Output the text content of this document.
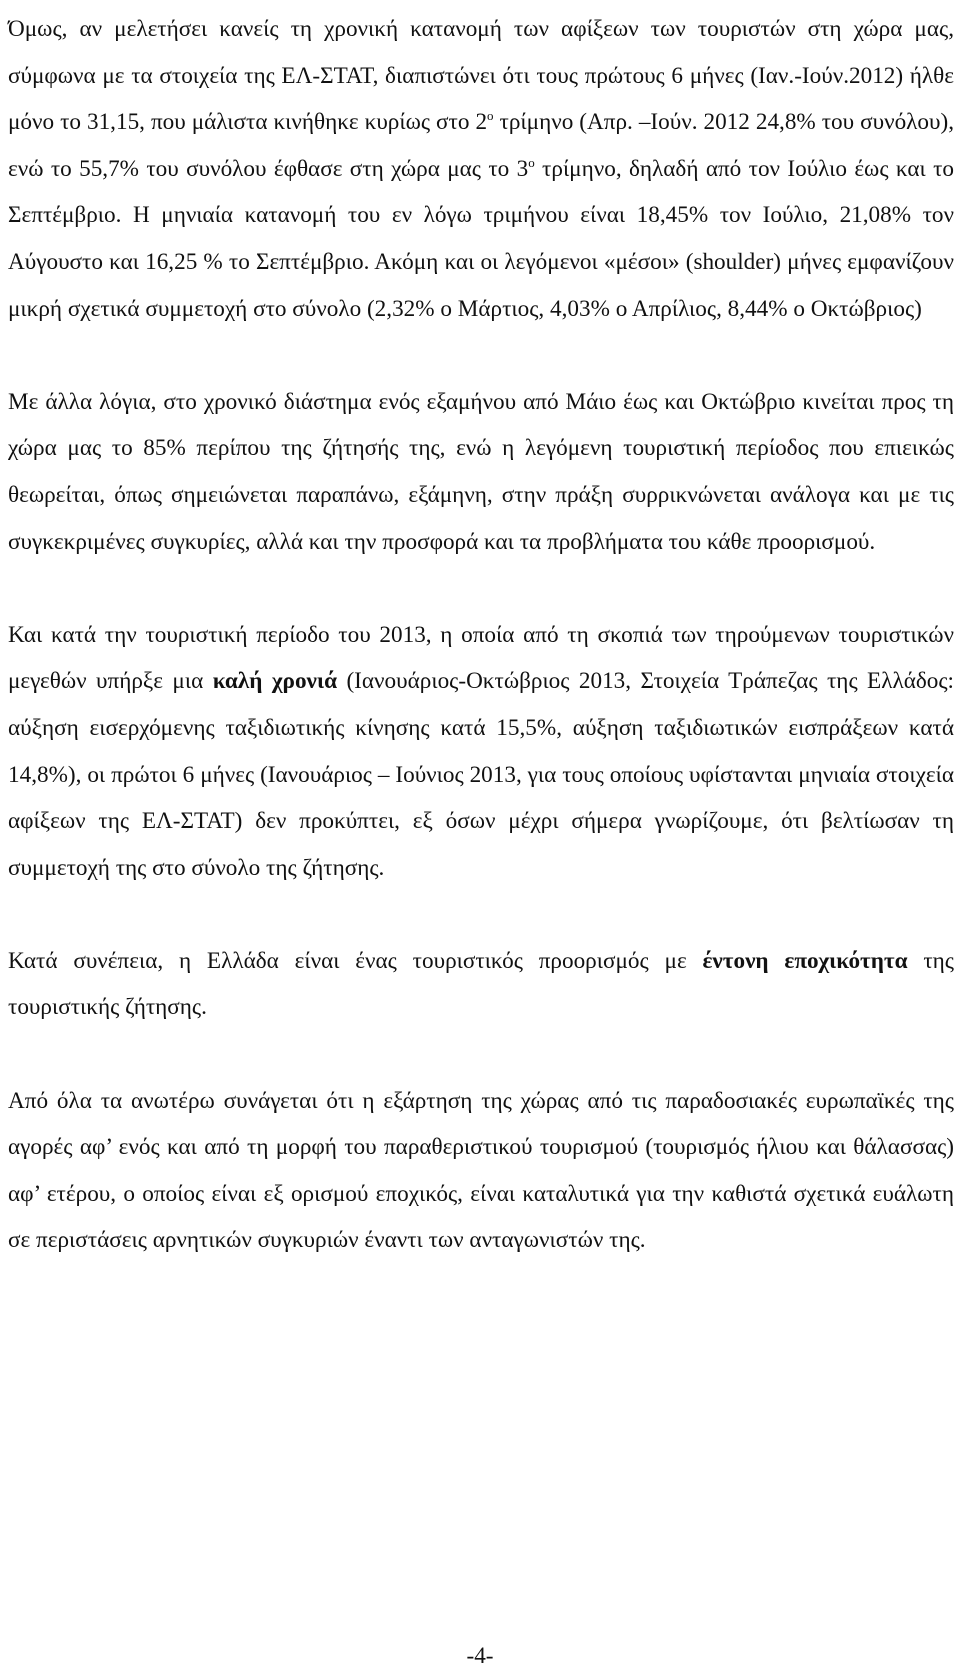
Όμως, αν μελετήσει κανείς τη χρονική κατανομή των αφίξεων των τουριστών στη χώρα μας, σύμφωνα με τα στοιχεία της ΕΛ-ΣΤΑΤ, διαπιστώνει ότι τους πρώτους 6 μήνες (Ιαν.-Ιούν.2012) ήλθε μόνο το 31,15, που μάλιστα κινήθηκε κυρίως στο $2^o$ τρίμηνο (Απρ. –Ιούν. 2012 24,8% του συνόλου), ενώ το 55,7% του συνόλου έφθασε στη χώρα μας το $3^o$ τρίμηνο, δηλαδή από τον Ιούλιο έως και το Σεπτέμβριο. Η μηνιαία κατανομή του εν λόγω τριμήνου είναι 18,45% τον Ιούλιο, 21,08% τον Αύγουστο και 16,25 % το Σεπτέμβριο. Ακόμη και οι λεγόμενοι «μέσοι» (shoulder) μήνες εμφανίζουν μικρή σχετικά συμμετοχή στο σύνολο (2,32% ο Μάρτιος, 4,03% ο Απρίλιος, 8,44% ο Οκτώβριος)

Με άλλα λόγια, στο χρονικό διάστημα ενός εξαμήνου από Μάιο έως και Οκτώβριο κινείται προς τη χώρα μας το 85% περίπου της ζήτησής της, ενώ η λεγόμενη τουριστική περίοδος που επιεικώς θεωρείται, όπως σημειώνεται παραπάνω, εξάμηνη, στην πράξη συρρικνώνεται ανάλογα και με τις συγκεκριμένες συγκυρίες, αλλά και την προσφορά και τα προβλήματα του κάθε προορισμού.

Και κατά την τουριστική περίοδο του 2013, η οποία από τη σκοπιά των τηρούμενων τουριστικών μεγεθών υπήρξε μια καλή χρονιά (Ιανουάριος-Οκτώβριος 2013, Στοιχεία Τράπεζας της Ελλάδος: αύξηση εισερχόμενης ταξιδιωτικής κίνησης κατά 15,5%, αύξηση ταξιδιωτικών εισπράξεων κατά 14,8%), οι πρώτοι 6 μήνες (Ιανουάριος – Ιούνιος 2013, για τους οποίους υφίστανται μηνιαία στοιχεία αφίξεων της ΕΛ-ΣΤΑΤ) δεν προκύπτει, εξ όσων μέχρι σήμερα γνωρίζουμε, ότι βελτίωσαν τη συμμετοχή της στο σύνολο της ζήτησης.

Κατά συνέπεια, η Ελλάδα είναι ένας τουριστικός προορισμός με έντονη εποχικότητα της τουριστικής ζήτησης.

Από όλα τα ανωτέρω συνάγεται ότι η εξάρτηση της χώρας από τις παραδοσιακές ευρωπαϊκές της αγορές αφ’ ενός και από τη μορφή του παραθεριστικού τουρισμού (τουρισμός ήλιου και θάλασσας) αφ’ ετέρου, ο οποίος είναι εξ ορισμού εποχικός, είναι καταλυτικά για την καθιστά σχετικά ευάλωτη σε περιστάσεις αρνητικών συγκυριών έναντι των ανταγωνιστών της.

-4-
